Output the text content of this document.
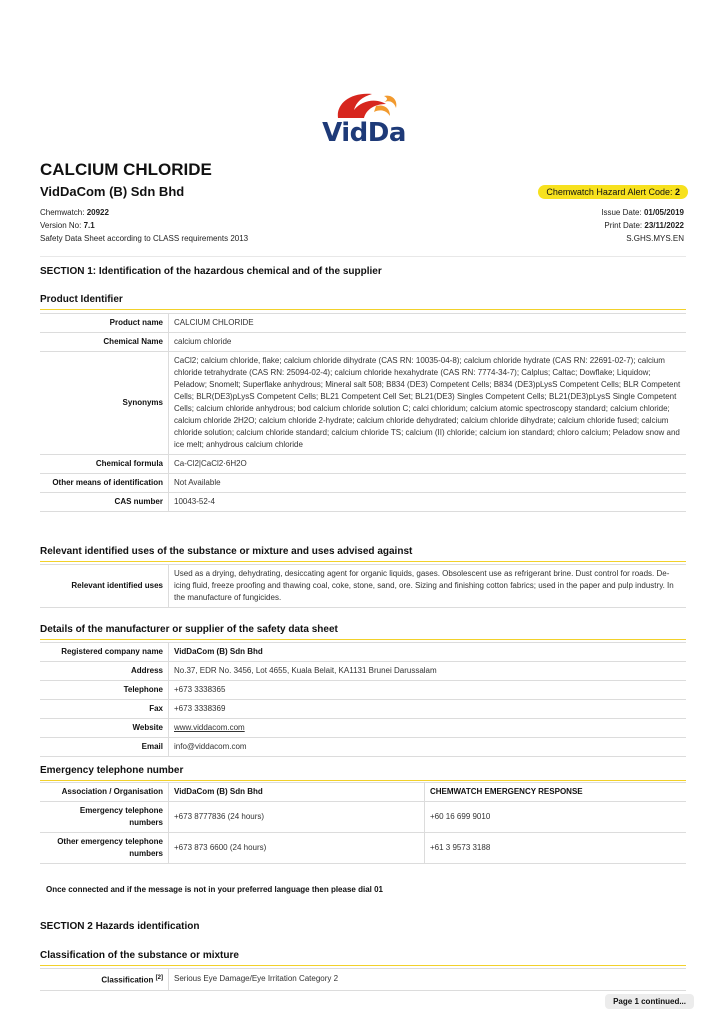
VidDa
CALCIUM CHLORIDE
VidDaCom (B) Sdn Bhd	Chemwatch Hazard Alert Code: 2
Chemwatch: 20922
Version No: 7.1
Safety Data Sheet according to CLASS requirements 2013
Issue Date: 01/05/2019
Print Date: 23/11/2022
S.GHS.MYS.EN
SECTION 1: Identification of the hazardous chemical and of the supplier
Product Identifier
Product name	CALCIUM CHLORIDE
Chemical Name	calcium chloride
Synonyms	CaCl2; calcium chloride, flake; calcium chloride dihydrate (CAS RN: 10035-04-8); calcium chloride hydrate (CAS RN: 22691-02-7); calcium chloride tetrahydrate (CAS RN: 25094-02-4); calcium chloride hexahydrate (CAS RN: 7774-34-7); Calplus; Caltac; Dowflake; Liquidow; Peladow; Snomelt; Superflake anhydrous; Mineral salt 508; B834 (DE3) Competent Cells; B834 (DE3)pLysS Competent Cells; BLR Competent Cells; BLR(DE3)pLysS Competent Cells; BL21 Competent Cell Set; BL21(DE3) Singles Competent Cells; BL21(DE3)pLysS Single Competent Cells; calcium chloride anhydrous; bod calcium chloride solution C; calci chloridum; calcium atomic spectroscopy standard; calcium chloride; calcium chloride 2H2O; calcium chloride 2-hydrate; calcium chloride dehydrated; calcium chloride dihydrate; calcium chloride fused; calcium chloride solution; calcium chloride standard; calcium chloride TS; calcium (II) chloride; calcium ion standard; chloro calcium; Peladow snow and ice melt; anhydrous calcium chloride
Chemical formula	Ca-Cl2|CaCl2·6H2O
Other means of identification	Not Available
CAS number	10043-52-4
Relevant identified uses of the substance or mixture and uses advised against
Relevant identified uses	Used as a drying, dehydrating, desiccating agent for organic liquids, gases. Obsolescent use as refrigerant brine. Dust control for roads. De-icing fluid, freeze proofing and thawing coal, coke, stone, sand, ore. Sizing and finishing cotton fabrics; used in the paper and pulp industry. In the manufacture of fungicides.
Details of the manufacturer or supplier of the safety data sheet
Registered company name	VidDaCom (B) Sdn Bhd
Address	No.37, EDR No. 3456, Lot 4655, Kuala Belait, KA1131 Brunei Darussalam
Telephone	+673 3338365
Fax	+673 3338369
Website	www.viddacom.com
Email	info@viddacom.com
Emergency telephone number
Association / Organisation	VidDaCom (B) Sdn Bhd	CHEMWATCH EMERGENCY RESPONSE
Emergency telephone numbers	+673 8777836 (24 hours)	+60 16 699 9010
Other emergency telephone numbers	+673 873 6600 (24 hours)	+61 3 9573 3188
Once connected and if the message is not in your preferred language then please dial 01
SECTION 2 Hazards identification
Classification of the substance or mixture
Classification [2]	Serious Eye Damage/Eye Irritation Category 2
Page 1 continued...
